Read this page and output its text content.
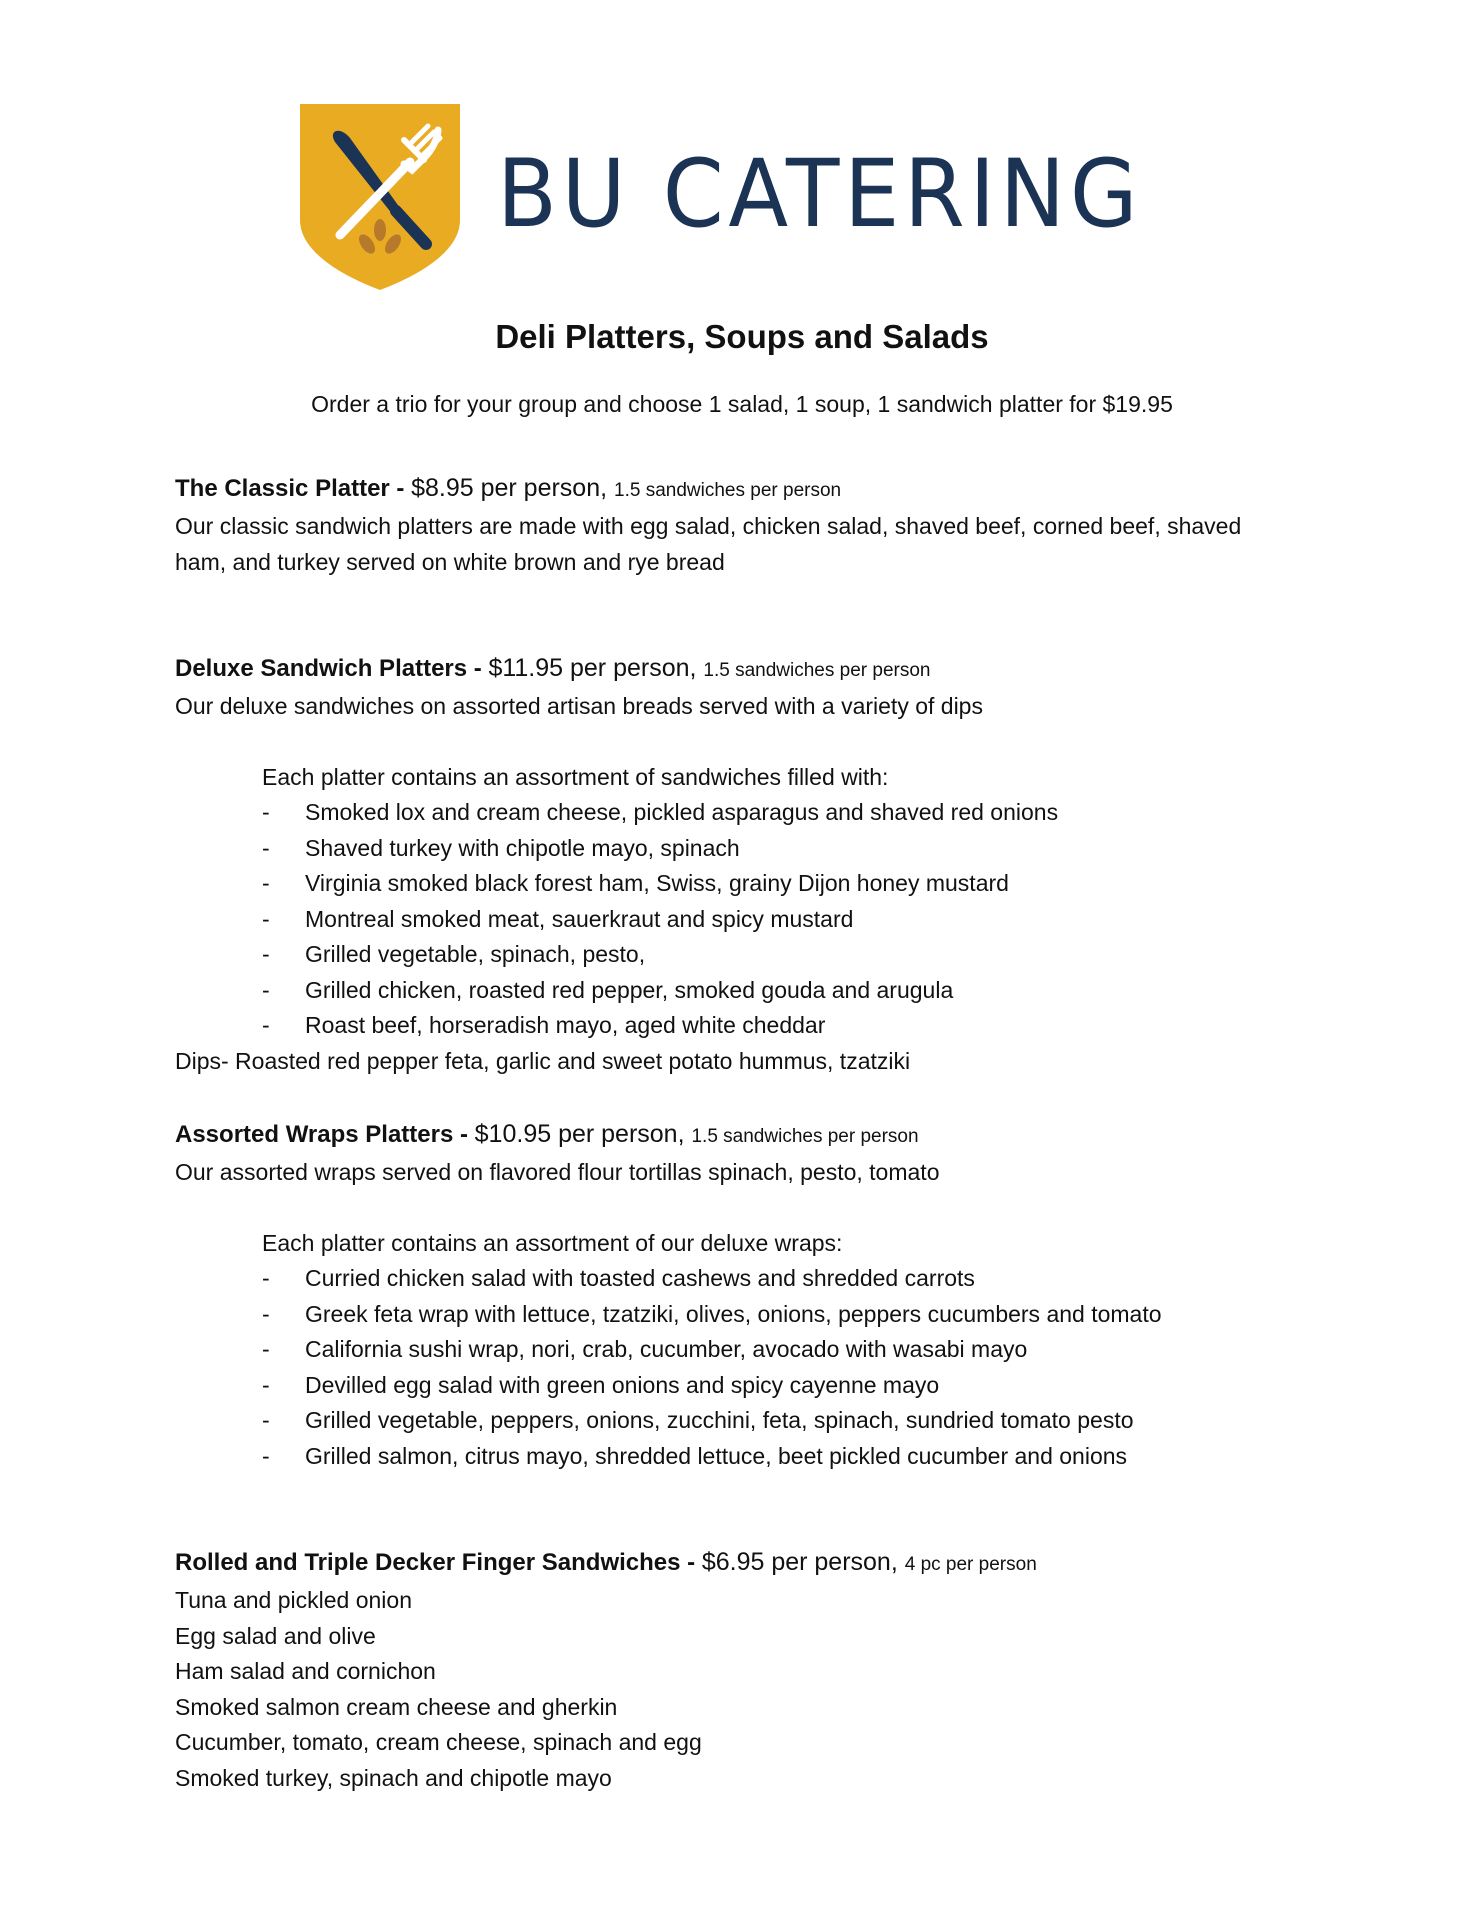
BU CATERING
Deli Platters, Soups and Salads
Order a trio for your group and choose 1 salad, 1 soup, 1 sandwich platter for $19.95
The Classic Platter - $8.95 per person, 1.5 sandwiches per person
Our classic sandwich platters are made with egg salad, chicken salad, shaved beef, corned beef, shaved
ham, and turkey served on white brown and rye bread
Deluxe Sandwich Platters - $11.95 per person, 1.5 sandwiches per person
Our deluxe sandwiches on assorted artisan breads served with a variety of dips
Each platter contains an assortment of sandwiches filled with:
- Smoked lox and cream cheese, pickled asparagus and shaved red onions
- Shaved turkey with chipotle mayo, spinach
- Virginia smoked black forest ham, Swiss, grainy Dijon honey mustard
- Montreal smoked meat, sauerkraut and spicy mustard
- Grilled vegetable, spinach, pesto,
- Grilled chicken, roasted red pepper, smoked gouda and arugula
- Roast beef, horseradish mayo, aged white cheddar
Dips- Roasted red pepper feta, garlic and sweet potato hummus, tzatziki
Assorted Wraps Platters - $10.95 per person, 1.5 sandwiches per person
Our assorted wraps served on flavored flour tortillas spinach, pesto, tomato
Each platter contains an assortment of our deluxe wraps:
- Curried chicken salad with toasted cashews and shredded carrots
- Greek feta wrap with lettuce, tzatziki, olives, onions, peppers cucumbers and tomato
- California sushi wrap, nori, crab, cucumber, avocado with wasabi mayo
- Devilled egg salad with green onions and spicy cayenne mayo
- Grilled vegetable, peppers, onions, zucchini, feta, spinach, sundried tomato pesto
- Grilled salmon, citrus mayo, shredded lettuce, beet pickled cucumber and onions
Rolled and Triple Decker Finger Sandwiches - $6.95 per person, 4 pc per person
Tuna and pickled onion
Egg salad and olive
Ham salad and cornichon
Smoked salmon cream cheese and gherkin
Cucumber, tomato, cream cheese, spinach and egg
Smoked turkey, spinach and chipotle mayo
